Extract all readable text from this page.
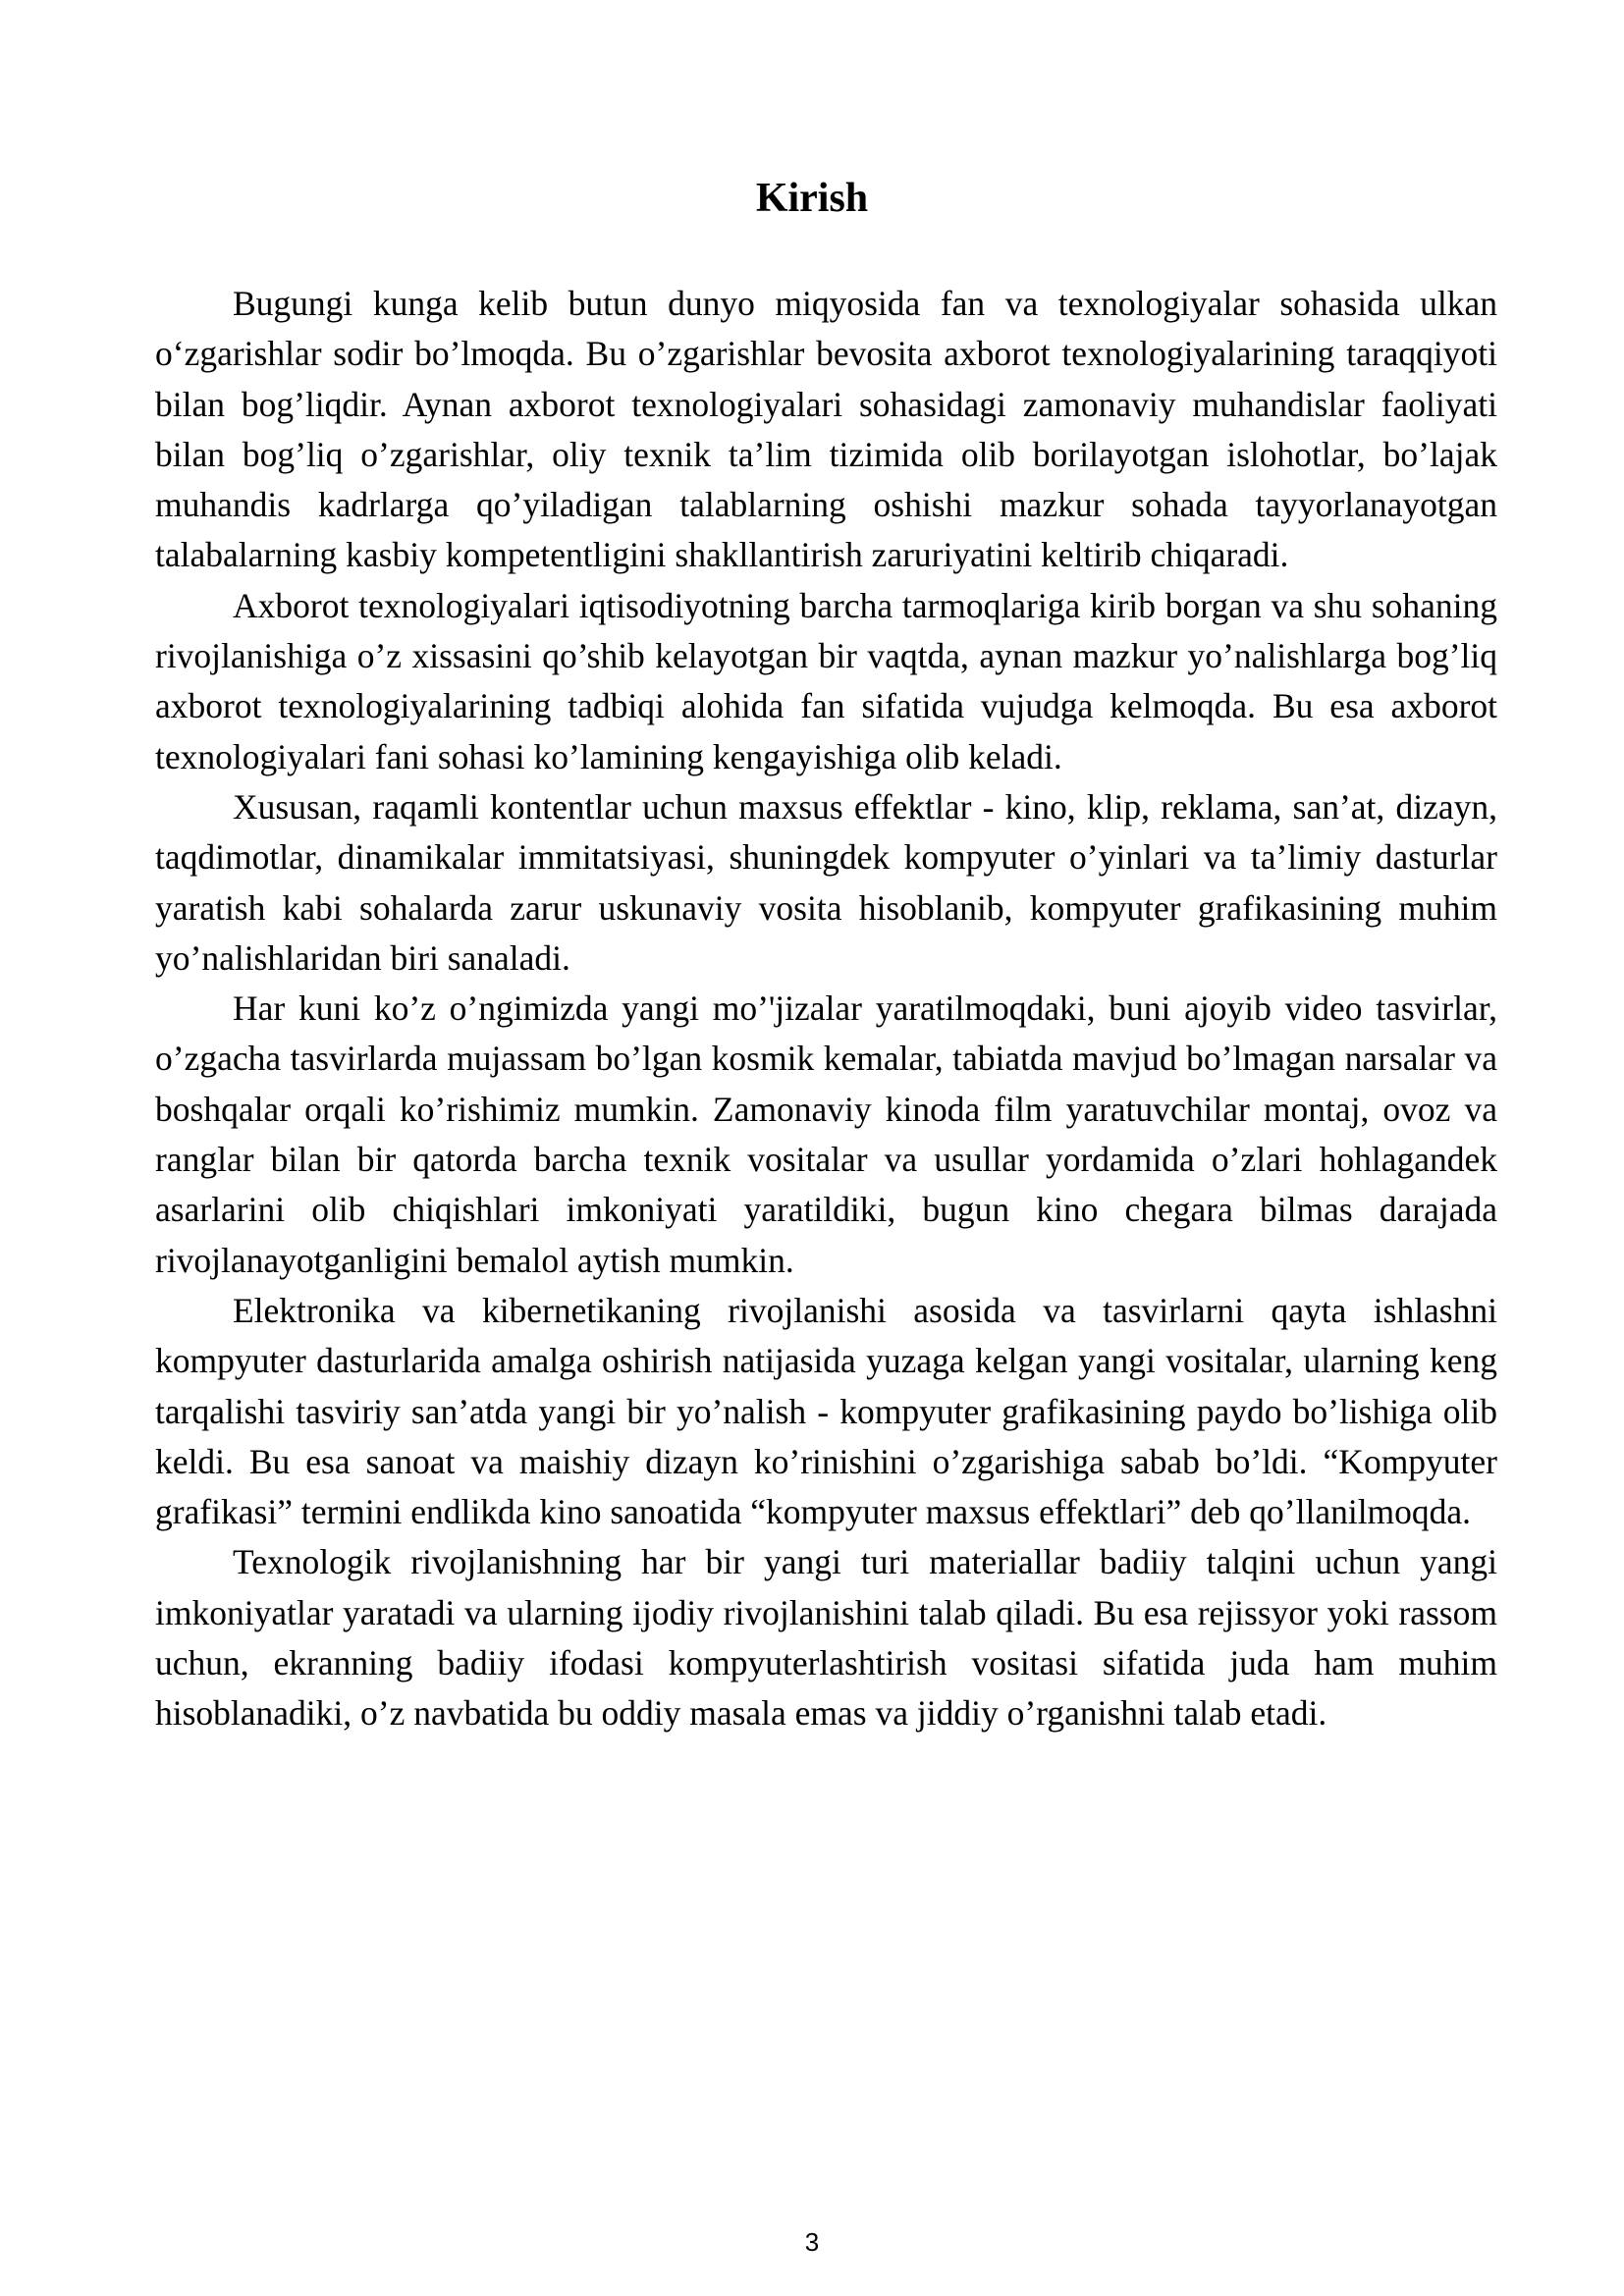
Kirish

Bugungi kunga kelib butun dunyo miqyosida fan va texnologiyalar sohasida ulkan o‘zgarishlar sodir bo’lmoqda. Bu o’zgarishlar bevosita axborot texnologiyalarining taraqqiyoti bilan bog’liqdir. Aynan axborot texnologiyalari sohasidagi zamonaviy muhandislar faoliyati bilan bog’liq o’zgarishlar, oliy texnik ta’lim tizimida olib borilayotgan islohotlar, bo’lajak muhandis kadrlarga qo’yiladigan talablarning oshishi mazkur sohada tayyorlanayotgan talabalarning kasbiy kompetentligini shakllantirish zaruriyatini keltirib chiqaradi.

Axborot texnologiyalari iqtisodiyotning barcha tarmoqlariga kirib borgan va shu sohaning rivojlanishiga o’z xissasini qo’shib kelayotgan bir vaqtda, aynan mazkur yo’nalishlarga bog’liq axborot texnologiyalarining tadbiqi alohida fan sifatida vujudga kelmoqda. Bu esa axborot texnologiyalari fani sohasi ko’lamining kengayishiga olib keladi.

Xususan, raqamli kontentlar uchun maxsus effektlar - kino, klip, reklama, san’at, dizayn, taqdimotlar, dinamikalar immitatsiyasi, shuningdek kompyuter o’yinlari va ta’limiy dasturlar yaratish kabi sohalarda zarur uskunaviy vosita hisoblanib, kompyuter grafikasining muhim yo’nalishlaridan biri sanaladi.

Har kuni ko’z o’ngimizda yangi mo’'jizalar yaratilmoqdaki, buni ajoyib video tasvirlar, o’zgacha tasvirlarda mujassam bo’lgan kosmik kemalar, tabiatda mavjud bo’lmagan narsalar va boshqalar orqali ko’rishimiz mumkin. Zamonaviy kinoda film yaratuvchilar montaj, ovoz va ranglar bilan bir qatorda barcha texnik vositalar va usullar yordamida o’zlari hohlagandek asarlarini olib chiqishlari imkoniyati yaratildiki, bugun kino chegara bilmas darajada rivojlanayotganligini bemalol aytish mumkin.

Elektronika va kibernetikaning rivojlanishi asosida va tasvirlarni qayta ishlashni kompyuter dasturlarida amalga oshirish natijasida yuzaga kelgan yangi vositalar, ularning keng tarqalishi tasviriy san’atda yangi bir yo’nalish - kompyuter grafikasining paydo bo’lishiga olib keldi. Bu esa sanoat va maishiy dizayn ko’rinishini o’zgarishiga sabab bo’ldi. “Kompyuter grafikasi” termini endlikda kino sanoatida “kompyuter maxsus effektlari” deb qo’llanilmoqda.

Texnologik rivojlanishning har bir yangi turi materiallar badiiy talqini uchun yangi imkoniyatlar yaratadi va ularning ijodiy rivojlanishini talab qiladi. Bu esa rejissyor yoki rassom uchun, ekranning badiiy ifodasi kompyuterlashtirish vositasi sifatida juda ham muhim hisoblanadiki, o’z navbatida bu oddiy masala emas va jiddiy o’rganishni talab etadi.

3
